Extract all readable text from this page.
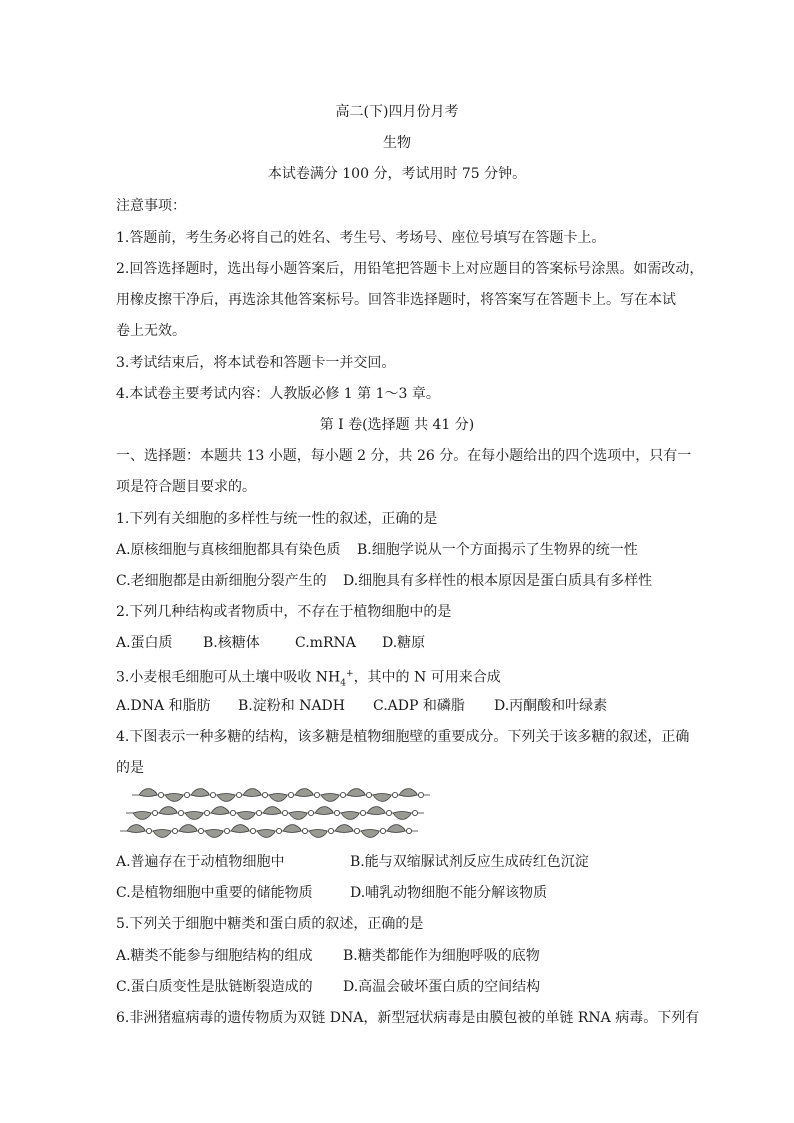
高二(下)四月份月考
生物
本试卷满分 100 分，考试用时 75 分钟。
注意事项：
1.答题前，考生务必将自己的姓名、考生号、考场号、座位号填写在答题卡上。
2.回答选择题时，选出每小题答案后，用铅笔把答题卡上对应题目的答案标号涂黑。如需改动，
用橡皮擦干净后，再选涂其他答案标号。回答非选择题时，将答案写在答题卡上。写在本试
卷上无效。
3.考试结束后，将本试卷和答题卡一并交回。
4.本试卷主要考试内容：人教版必修 1 第 1～3 章。
第 I 卷(选择题 共 41 分)
一、选择题：本题共 13 小题，每小题 2 分，共 26 分。在每小题给出的四个选项中，只有一
项是符合题目要求的。
1.下列有关细胞的多样性与统一性的叙述，正确的是
A.原核细胞与真核细胞都具有染色质 B.细胞学说从一个方面揭示了生物界的统一性
C.老细胞都是由新细胞分裂产生的 D.细胞具有多样性的根本原因是蛋白质具有多样性
2.下列几种结构或者物质中，不存在于植物细胞中的是
A.蛋白质 B.核糖体	C.mRNA D.糖原
3.小麦根毛细胞可从土壤中吸收 $NH_4^+$，其中的 N 可用来合成
A.DNA 和脂肪 B.淀粉和 NADH C.ADP 和磷脂 D.丙酮酸和叶绿素
4.下图表示一种多糖的结构，该多糖是植物细胞壁的重要成分。下列关于该多糖的叙述，正确
的是
A.普遍存在于动植物细胞中	B.能与双缩脲试剂反应生成砖红色沉淀
C.是植物细胞中重要的储能物质	D.哺乳动物细胞不能分解该物质
5.下列关于细胞中糖类和蛋白质的叙述，正确的是
A.糖类不能参与细胞结构的组成 B.糖类都能作为细胞呼吸的底物
C.蛋白质变性是肽链断裂造成的 D.高温会破坏蛋白质的空间结构
6.非洲猪瘟病毒的遗传物质为双链 DNA，新型冠状病毒是由膜包被的单链 RNA 病毒。下列有
